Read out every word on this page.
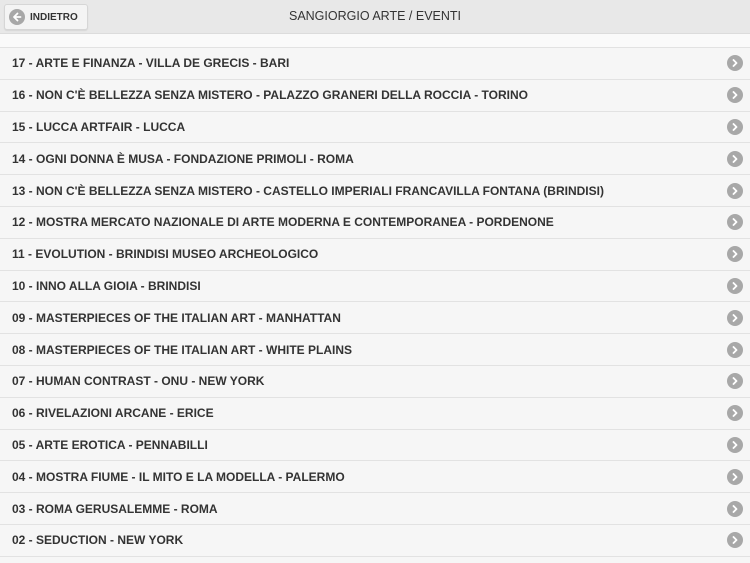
SANGIORGIO ARTE / EVENTI
INDIETRO
17 - ARTE E FINANZA - VILLA DE GRECIS - BARI
16 - NON C'È BELLEZZA SENZA MISTERO - PALAZZO GRANERI DELLA ROCCIA - TORINO
15 - LUCCA ARTFAIR - LUCCA
14 - OGNI DONNA È MUSA - FONDAZIONE PRIMOLI - ROMA
13 - NON C'È BELLEZZA SENZA MISTERO - CASTELLO IMPERIALI FRANCAVILLA FONTANA (BRINDISI)
12 - MOSTRA MERCATO NAZIONALE DI ARTE MODERNA E CONTEMPORANEA - PORDENONE
11 - EVOLUTION - BRINDISI MUSEO ARCHEOLOGICO
10 - INNO ALLA GIOIA - BRINDISI
09 - MASTERPIECES OF THE ITALIAN ART - MANHATTAN
08 - MASTERPIECES OF THE ITALIAN ART - WHITE PLAINS
07 - HUMAN CONTRAST - ONU - NEW YORK
06 - RIVELAZIONI ARCANE - ERICE
05 - ARTE EROTICA - PENNABILLI
04 - MOSTRA FIUME - IL MITO E LA MODELLA - PALERMO
03 - ROMA GERUSALEMME - ROMA
02 - SEDUCTION - NEW YORK
